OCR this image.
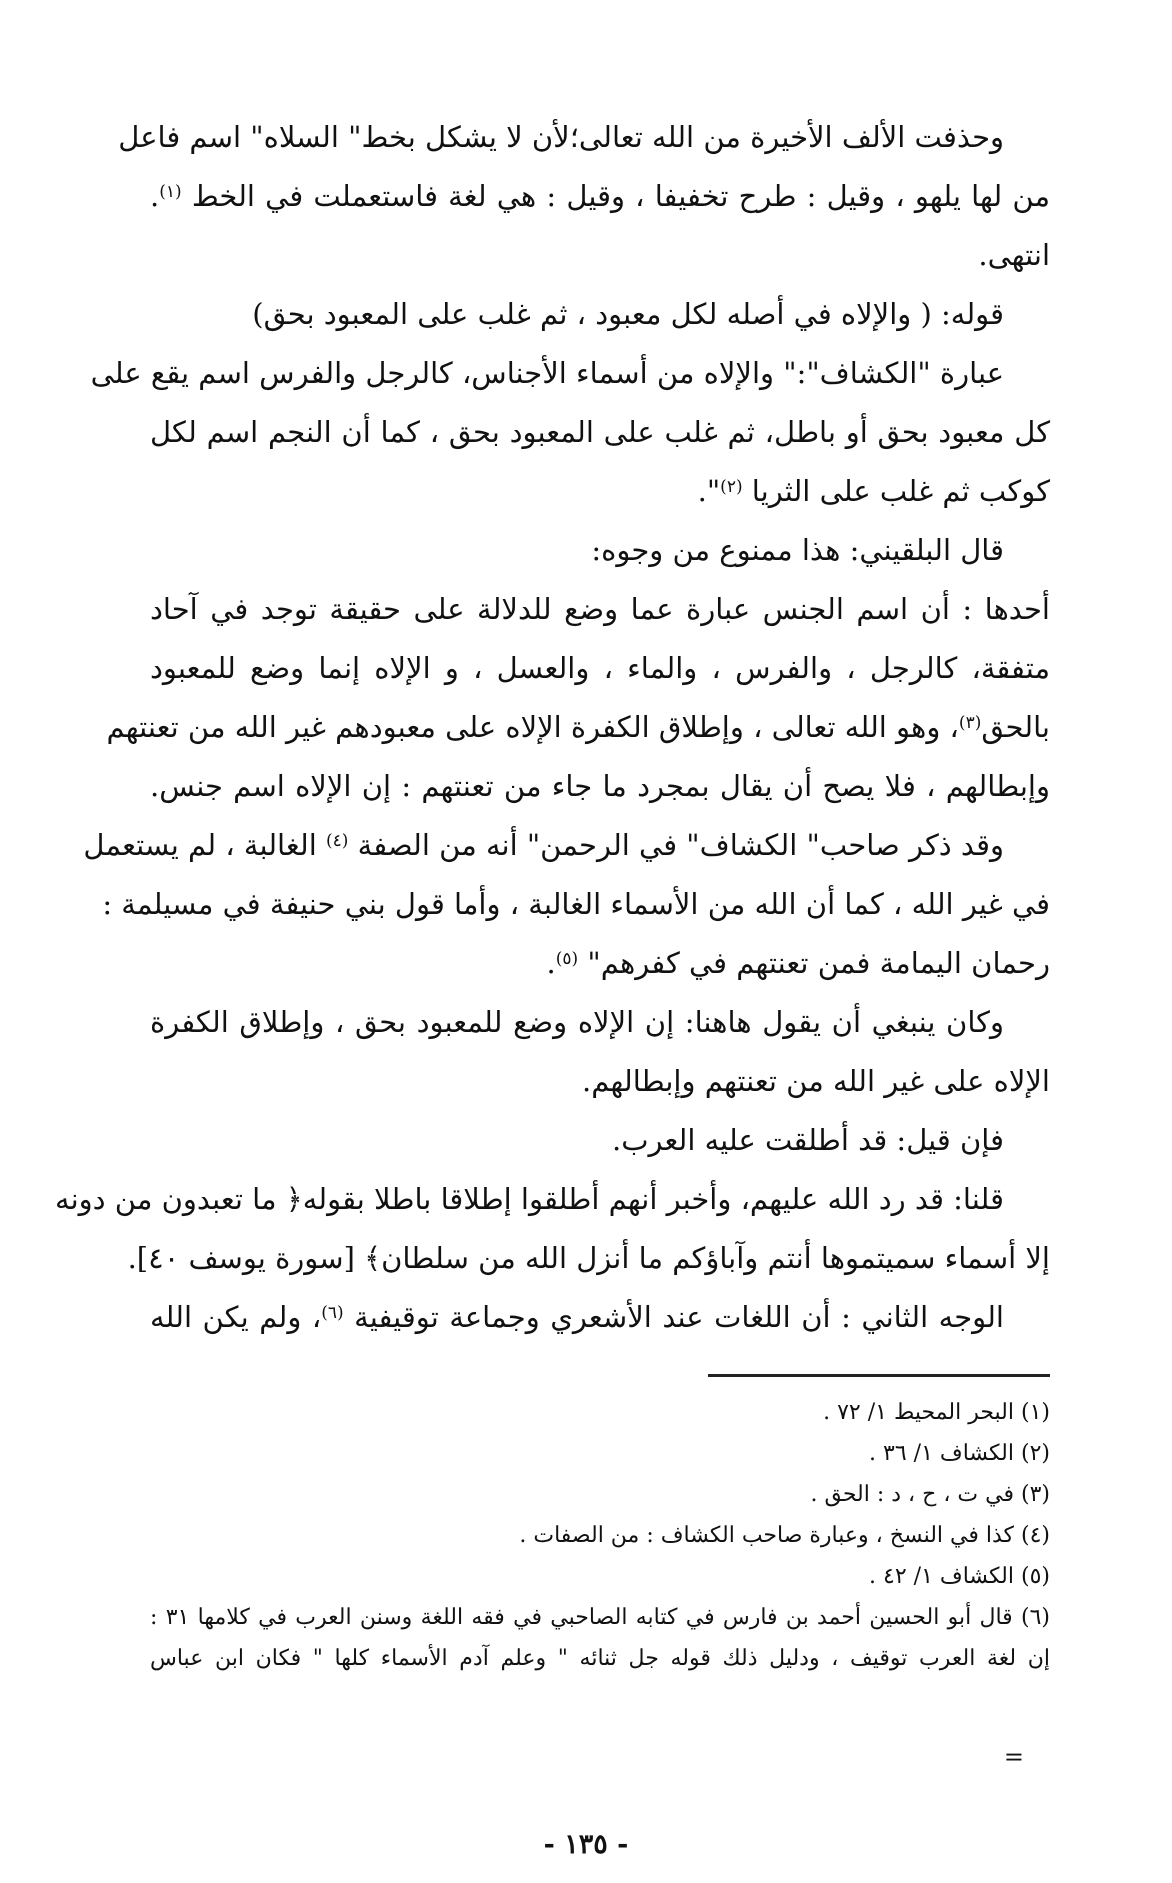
وحذفت الألف الأخيرة من الله تعالى؛لأن لا يشكل بخط" السلاه" اسم فاعل
من لها يلهو ، وقيل : طرح تخفيفا ، وقيل : هي لغة فاستعملت في الخط $^{(١)}$.
انتهى.
قوله: ( والإلاه في أصله لكل معبود ، ثم غلب على المعبود بحق)
عبارة "الكشاف":" والإلاه من أسماء الأجناس، كالرجل والفرس اسم يقع على
كل معبود بحق أو باطل، ثم غلب على المعبود بحق ، كما أن النجم اسم لكل
كوكب ثم غلب على الثريا $^{(٢)}$".
قال البلقيني: هذا ممنوع من وجوه:
أحدها : أن اسم الجنس عبارة عما وضع للدلالة على حقيقة توجد في آحاد
متفقة، كالرجل ، والفرس ، والماء ، والعسل ، و الإلاه إنما وضع للمعبود
بالحق$^{(٣)}$، وهو الله تعالى ، وإطلاق الكفرة الإلاه على معبودهم غير الله من تعنتهم
وإبطالهم ، فلا يصح أن يقال بمجرد ما جاء من تعنتهم : إن الإلاه اسم جنس.
وقد ذكر صاحب" الكشاف" في الرحمن" أنه من الصفة $^{(٤)}$ الغالبة ، لم يستعمل
في غير الله ، كما أن الله من الأسماء الغالبة ، وأما قول بني حنيفة في مسيلمة :
رحمان اليمامة فمن تعنتهم في كفرهم" $^{(٥)}$.
وكان ينبغي أن يقول هاهنا: إن الإلاه وضع للمعبود بحق ، وإطلاق الكفرة
الإلاه على غير الله من تعنتهم وإبطالهم.
فإن قيل: قد أطلقت عليه العرب.
قلنا: قد رد الله عليهم، وأخبر أنهم أطلقوا إطلاقا باطلا بقوله﴿ ما تعبدون من دونه
إلا أسماء سميتموها أنتم وآباؤكم ما أنزل الله من سلطان﴾ [سورة يوسف ٤٠].
الوجه الثاني : أن اللغات عند الأشعري وجماعة توقيفية $^{(٦)}$، ولم يكن الله
(١) البحر المحيط ١/ ٧٢ .
(٢) الكشاف ١/ ٣٦ .
(٣) في ت ، ح ، د : الحق .
(٤) كذا في النسخ ، وعبارة صاحب الكشاف : من الصفات .
(٥) الكشاف ١/ ٤٢ .
(٦) قال أبو الحسين أحمد بن فارس في كتابه الصاحبي في فقه اللغة وسنن العرب في كلامها ٣١ :
إن لغة العرب توقيف ، ودليل ذلك قوله جل ثنائه " وعلم آدم الأسماء كلها " فكان ابن عباس
=
- ١٣٥ -
